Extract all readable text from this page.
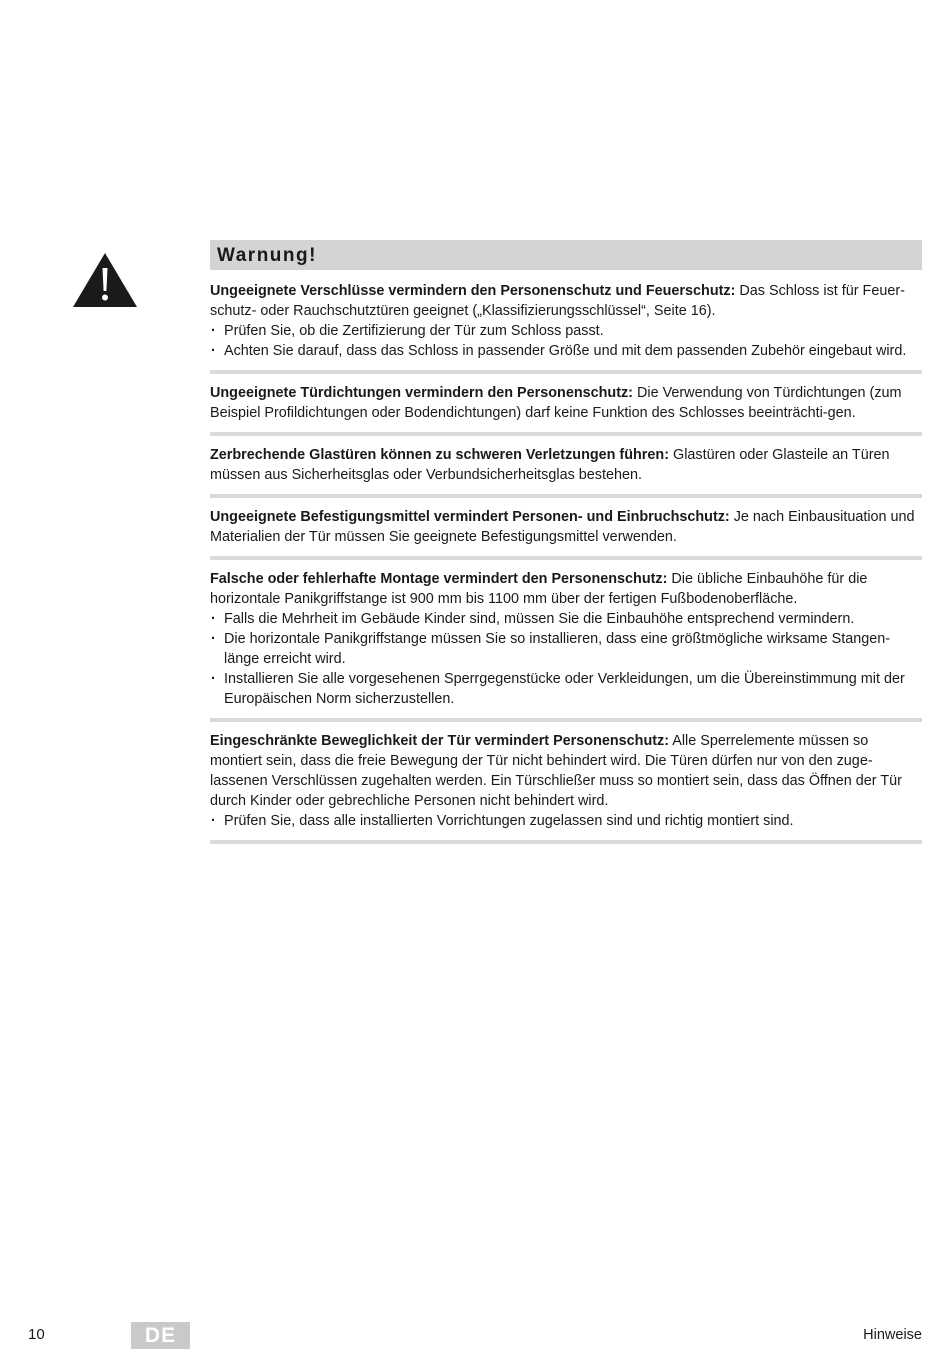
Warnung!

Ungeeignete Verschlüsse vermindern den Personenschutz und Feuerschutz: Das Schloss ist für Feuer-schutz- oder Rauchschutztüren geeignet („Klassifizierungsschlüssel“, Seite 16).

· Prüfen Sie, ob die Zertifizierung der Tür zum Schloss passt.
· Achten Sie darauf, dass das Schloss in passender Größe und mit dem passenden Zubehör eingebaut wird.

Ungeeignete Türdichtungen vermindern den Personenschutz: Die Verwendung von Türdichtungen (zum Beispiel Profildichtungen oder Bodendichtungen) darf keine Funktion des Schlosses beeinträchti-gen.

Zerbrechende Glastüren können zu schweren Verletzungen führen: Glastüren oder Glasteile an Türen müssen aus Sicherheitsglas oder Verbundsicherheitsglas bestehen.

Ungeeignete Befestigungsmittel vermindert Personen- und Einbruchschutz: Je nach Einbausituation und Materialien der Tür müssen Sie geeignete Befestigungsmittel verwenden.

Falsche oder fehlerhafte Montage vermindert den Personenschutz: Die übliche Einbauhöhe für die horizontale Panikgriffstange ist 900 mm bis 1100 mm über der fertigen Fußbodenoberfläche.

· Falls die Mehrheit im Gebäude Kinder sind, müssen Sie die Einbauhöhe entsprechend vermindern.
· Die horizontale Panikgriffstange müssen Sie so installieren, dass eine größtmögliche wirksame Stangen-länge erreicht wird.
· Installieren Sie alle vorgesehenen Sperrgegenstücke oder Verkleidungen, um die Übereinstimmung mit der Europäischen Norm sicherzustellen.

Eingeschränkte Beweglichkeit der Tür vermindert Personenschutz: Alle Sperrelemente müssen so montiert sein, dass die freie Bewegung der Tür nicht behindert wird. Die Türen dürfen nur von den zuge-lassenen Verschlüssen zugehalten werden. Ein Türschließer muss so montiert sein, dass das Öffnen der Tür durch Kinder oder gebrechliche Personen nicht behindert wird.

· Prüfen Sie, dass alle installierten Vorrichtungen zugelassen sind und richtig montiert sind.
10	DE	Hinweise
